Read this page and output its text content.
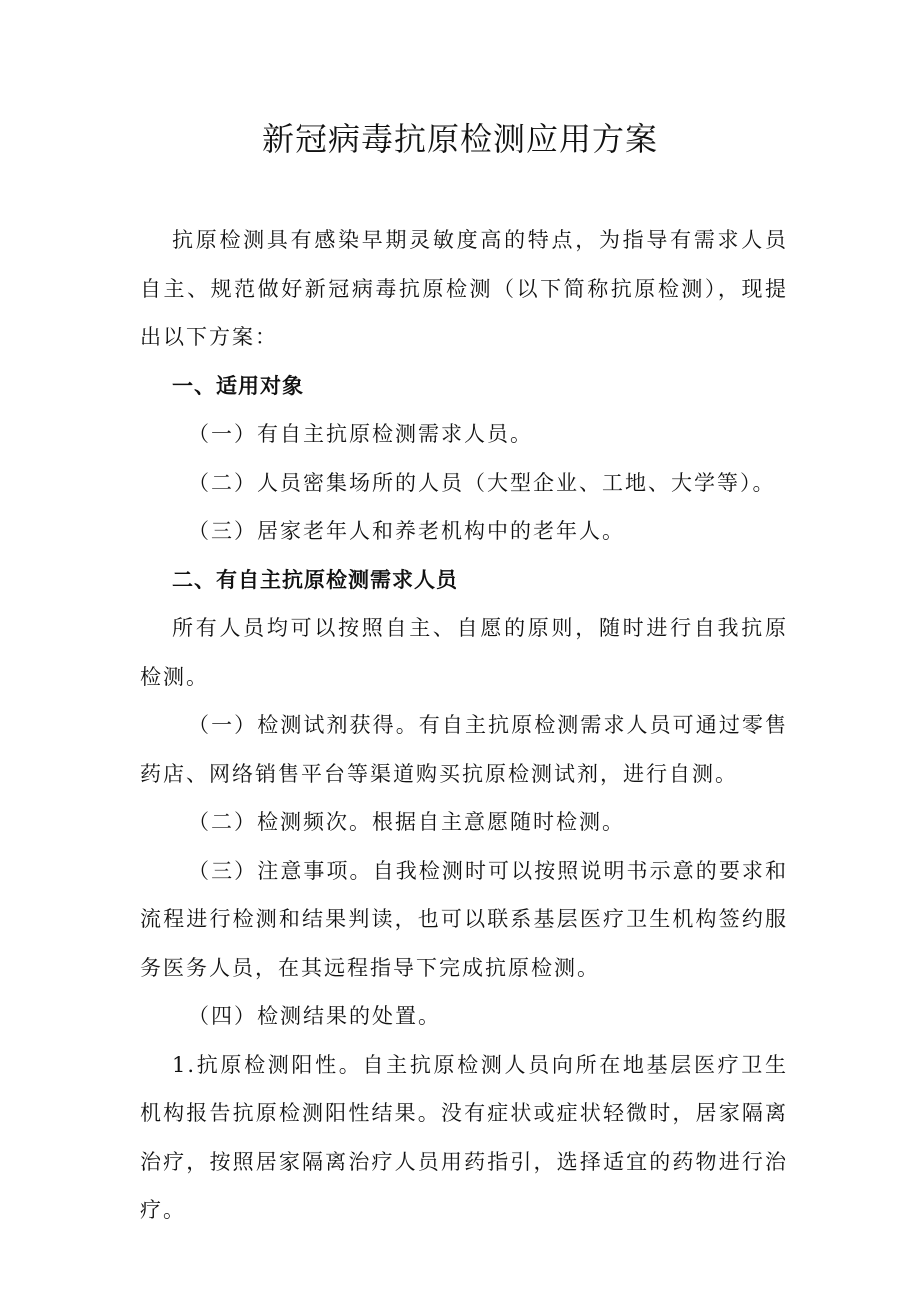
新冠病毒抗原检测应用方案

抗原检测具有感染早期灵敏度高的特点，为指导有需求人员自主、规范做好新冠病毒抗原检测（以下简称抗原检测），现提出以下方案：

一、适用对象

（一）有自主抗原检测需求人员。

（二）人员密集场所的人员（大型企业、工地、大学等）。

（三）居家老年人和养老机构中的老年人。

二、有自主抗原检测需求人员

所有人员均可以按照自主、自愿的原则，随时进行自我抗原检测。

（一）检测试剂获得。有自主抗原检测需求人员可通过零售药店、网络销售平台等渠道购买抗原检测试剂，进行自测。

（二）检测频次。根据自主意愿随时检测。

（三）注意事项。自我检测时可以按照说明书示意的要求和流程进行检测和结果判读，也可以联系基层医疗卫生机构签约服务医务人员，在其远程指导下完成抗原检测。

（四）检测结果的处置。

1.抗原检测阳性。自主抗原检测人员向所在地基层医疗卫生机构报告抗原检测阳性结果。没有症状或症状轻微时，居家隔离治疗，按照居家隔离治疗人员用药指引，选择适宜的药物进行治疗。
